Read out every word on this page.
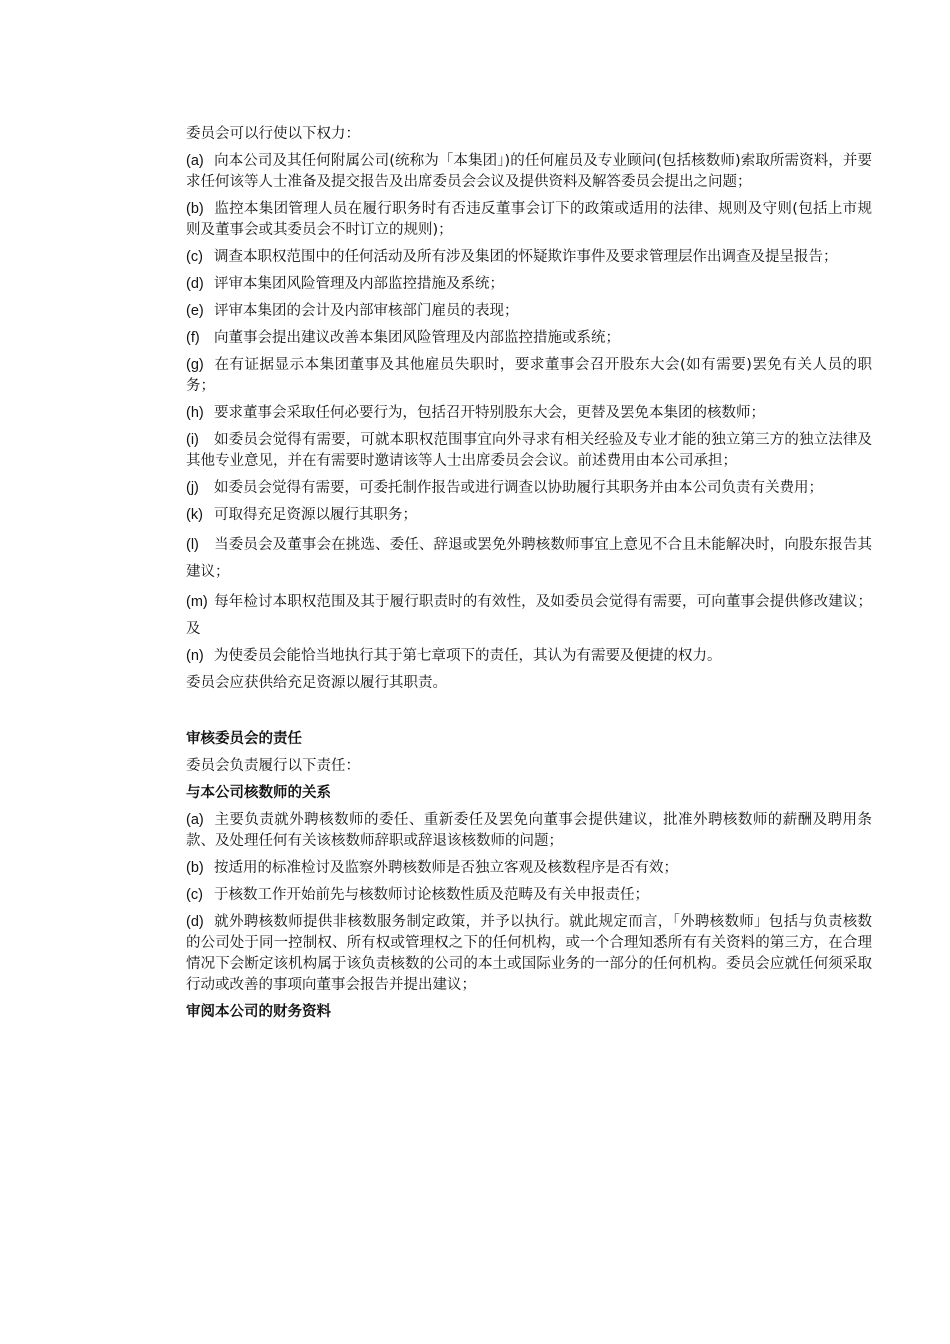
委员会可以行使以下权力：

(a) 向本公司及其任何附属公司(统称为「本集团」)的任何雇员及专业顾问(包括核数师)索取所需资料，并要求任何该等人士准备及提交报告及出席委员会会议及提供资料及解答委员会提出之问题；
(b) 监控本集团管理人员在履行职务时有否违反董事会订下的政策或适用的法律、规则及守则(包括上市规则及董事会或其委员会不时订立的规则)；
(c) 调查本职权范围中的任何活动及所有涉及集团的怀疑欺诈事件及要求管理层作出调查及提呈报告；
(d) 评审本集团风险管理及内部监控措施及系统；
(e) 评审本集团的会计及内部审核部门雇员的表现；
(f) 向董事会提出建议改善本集团风险管理及内部监控措施或系统；
(g) 在有证据显示本集团董事及其他雇员失职时，要求董事会召开股东大会(如有需要)罢免有关人员的职务；
(h) 要求董事会采取任何必要行为，包括召开特别股东大会，更替及罢免本集团的核数师；
(i) 如委员会觉得有需要，可就本职权范围事宜向外寻求有相关经验及专业才能的独立第三方的独立法律及其他专业意见，并在有需要时邀请该等人士出席委员会会议。前述费用由本公司承担；
(j) 如委员会觉得有需要，可委托制作报告或进行调查以协助履行其职务并由本公司负责有关费用；
(k) 可取得充足资源以履行其职务；
(l) 当委员会及董事会在挑选、委任、辞退或罢免外聘核数师事宜上意见不合且未能解决时，向股东报告其建议；
(m) 每年检讨本职权范围及其于履行职责时的有效性，及如委员会觉得有需要，可向董事会提供修改建议；及
(n) 为使委员会能恰当地执行其于第七章项下的责任，其认为有需要及便捷的权力。

委员会应获供给充足资源以履行其职责。

审核委员会的责任

委员会负责履行以下责任：

与本公司核数师的关系
(a) 主要负责就外聘核数师的委任、重新委任及罢免向董事会提供建议，批准外聘核数师的薪酬及聘用条款、及处理任何有关该核数师辞职或辞退该核数师的问题；
(b) 按适用的标准检讨及监察外聘核数师是否独立客观及核数程序是否有效；
(c) 于核数工作开始前先与核数师讨论核数性质及范畴及有关申报责任；
(d) 就外聘核数师提供非核数服务制定政策，并予以执行。就此规定而言，「外聘核数师」包括与负责核数的公司处于同一控制权、所有权或管理权之下的任何机构，或一个合理知悉所有有关资料的第三方，在合理情况下会断定该机构属于该负责核数的公司的本土或国际业务的一部分的任何机构。委员会应就任何须采取行动或改善的事项向董事会报告并提出建议；
审阅本公司的财务资料
